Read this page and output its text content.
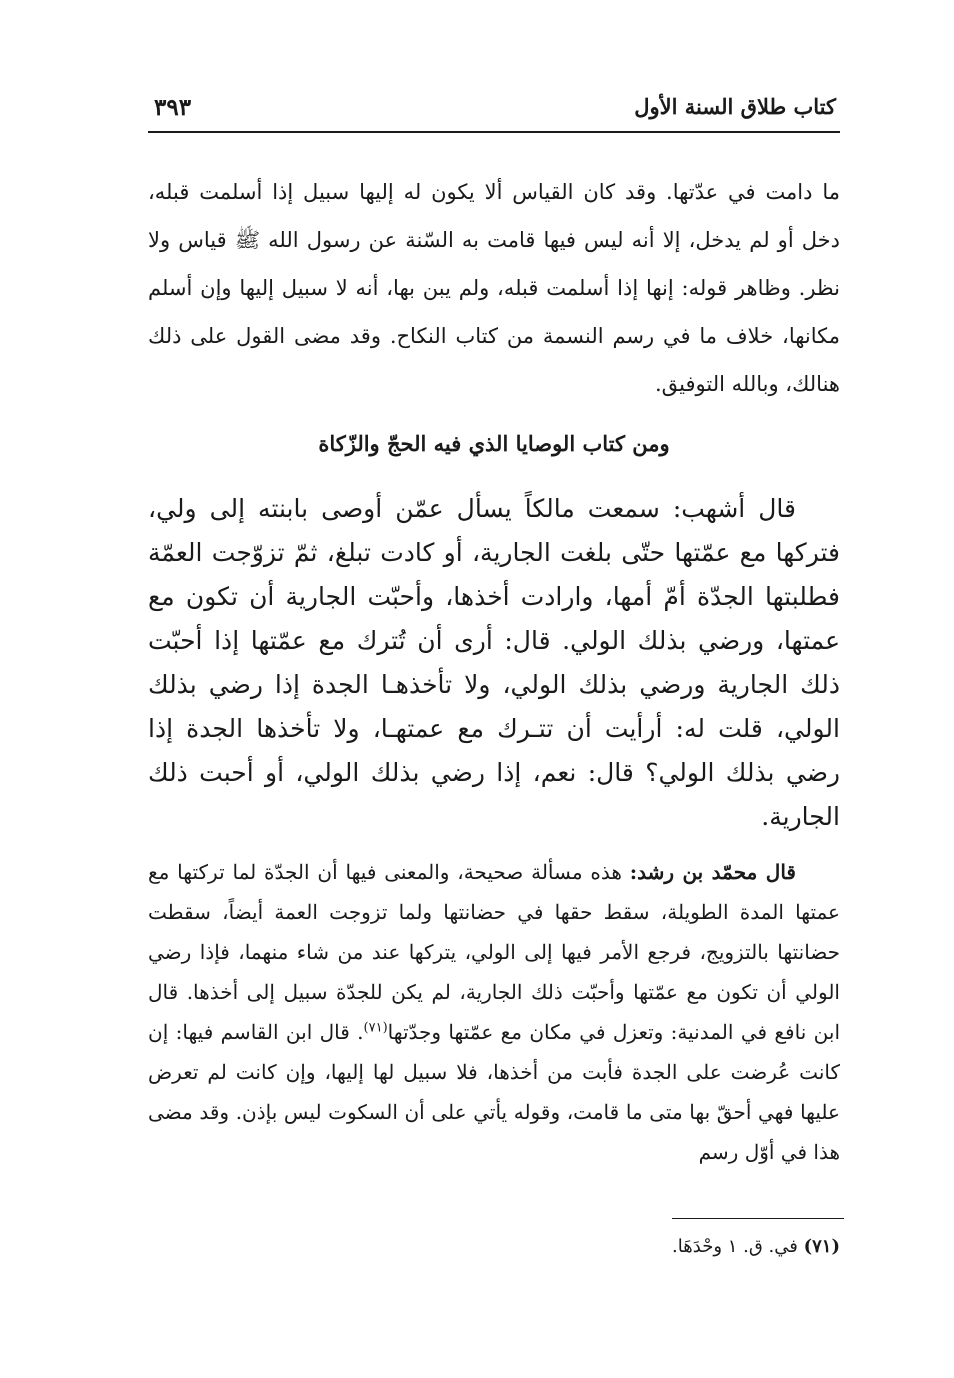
كتاب طلاق السنة الأول
٣٩٣

ما دامت في عدّتها. وقد كان القياس ألا يكون له إليها سبيل إذا أسلمت قبله، دخل أو لم يدخل، إلا أنه ليس فيها قامت به السّنة عن رسول الله ﷺ قياس ولا نظر. وظاهر قوله: إنها إذا أسلمت قبله، ولم يبن بها، أنه لا سبيل إليها وإن أسلم مكانها، خلاف ما في رسم النسمة من كتاب النكاح. وقد مضى القول على ذلك هنالك، وبالله التوفيق.

ومن كتاب الوصايا الذي فيه الحجّ والزّكاة

قال أشهب: سمعت مالكاً يسأل عمّن أوصى بابنته إلى ولي، فتركها مع عمّتها حتّى بلغت الجارية، أو كادت تبلغ، ثمّ تزوّجت العمّة فطلبتها الجدّة أمّ أمها، وارادت أخذها، وأحبّت الجارية أن تكون مع عمتها، ورضي بذلك الولي. قال: أرى أن تُترك مع عمّتها إذا أحبّت ذلك الجارية ورضي بذلك الولي، ولا تأخذهـا الجدة إذا رضي بذلك الولي، قلت له: أرأيت أن تتـرك مع عمتهـا، ولا تأخذها الجدة إذا رضي بذلك الولي؟ قال: نعم، إذا رضي بذلك الولي، أو أحبت ذلك الجارية.

قال محمّد بن رشد: هذه مسألة صحيحة، والمعنى فيها أن الجدّة لما تركتها مع عمتها المدة الطويلة، سقط حقها في حضانتها ولما تزوجت العمة أيضاً، سقطت حضانتها بالتزويج، فرجع الأمر فيها إلى الولي، يتركها عند من شاء منهما، فإذا رضي الولي أن تكون مع عمّتها وأحبّت ذلك الجارية، لم يكن للجدّة سبيل إلى أخذها. قال ابن نافع في المدنية: وتعزل في مكان مع عمّتها وجدّتها$^{(٧١)}$. قال ابن القاسم فيها: إن كانت عُرضت على الجدة فأبت من أخذها، فلا سبيل لها إليها، وإن كانت لم تعرض عليها فهي أحقّ بها متى ما قامت، وقوله يأتي على أن السكوت ليس بإذن. وقد مضى هذا في أوّل رسم

(٧١) في. ق. ١ وحْدَهَا.
